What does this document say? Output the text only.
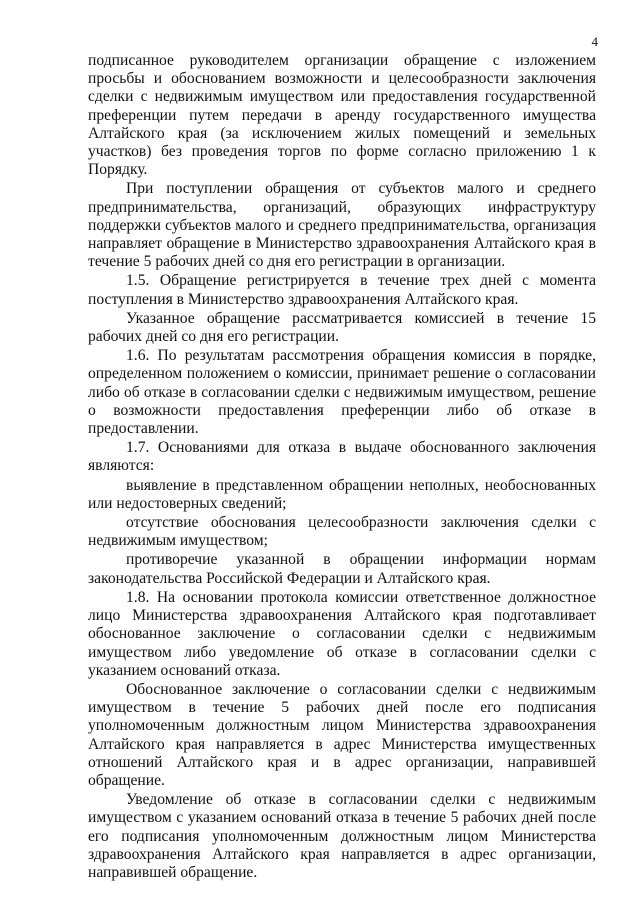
4

подписанное руководителем организации обращение с изложением просьбы и обоснованием возможности и целесообразности заключения сделки с недвижимым имуществом или предоставления государственной преференции путем передачи в аренду государственного имущества Алтайского края (за исключением жилых помещений и земельных участков) без проведения торгов по форме согласно приложению 1 к Порядку.

При поступлении обращения от субъектов малого и среднего предпринимательства, организаций, образующих инфраструктуру поддержки субъектов малого и среднего предпринимательства, организация направляет обращение в Министерство здравоохранения Алтайского края в течение 5 рабочих дней со дня его регистрации в организации.

1.5. Обращение регистрируется в течение трех дней с момента поступления в Министерство здравоохранения Алтайского края.

Указанное обращение рассматривается комиссией в течение 15 рабочих дней со дня его регистрации.

1.6. По результатам рассмотрения обращения комиссия в порядке, определенном положением о комиссии, принимает решение о согласовании либо об отказе в согласовании сделки с недвижимым имуществом, решение о возможности предоставления преференции либо об отказе в предоставлении.

1.7. Основаниями для отказа в выдаче обоснованного заключения являются:

выявление в представленном обращении неполных, необоснованных или недостоверных сведений;

отсутствие обоснования целесообразности заключения сделки с недвижимым имуществом;

противоречие указанной в обращении информации нормам законодательства Российской Федерации и Алтайского края.

1.8. На основании протокола комиссии ответственное должностное лицо Министерства здравоохранения Алтайского края подготавливает обоснованное заключение о согласовании сделки с недвижимым имуществом либо уведомление об отказе в согласовании сделки с указанием оснований отказа.

Обоснованное заключение о согласовании сделки с недвижимым имуществом в течение 5 рабочих дней после его подписания уполномоченным должностным лицом Министерства здравоохранения Алтайского края направляется в адрес Министерства имущественных отношений Алтайского края и в адрес организации, направившей обращение.

Уведомление об отказе в согласовании сделки с недвижимым имуществом с указанием оснований отказа в течение 5 рабочих дней после его подписания уполномоченным должностным лицом Министерства здравоохранения Алтайского края направляется в адрес организации, направившей обращение.
